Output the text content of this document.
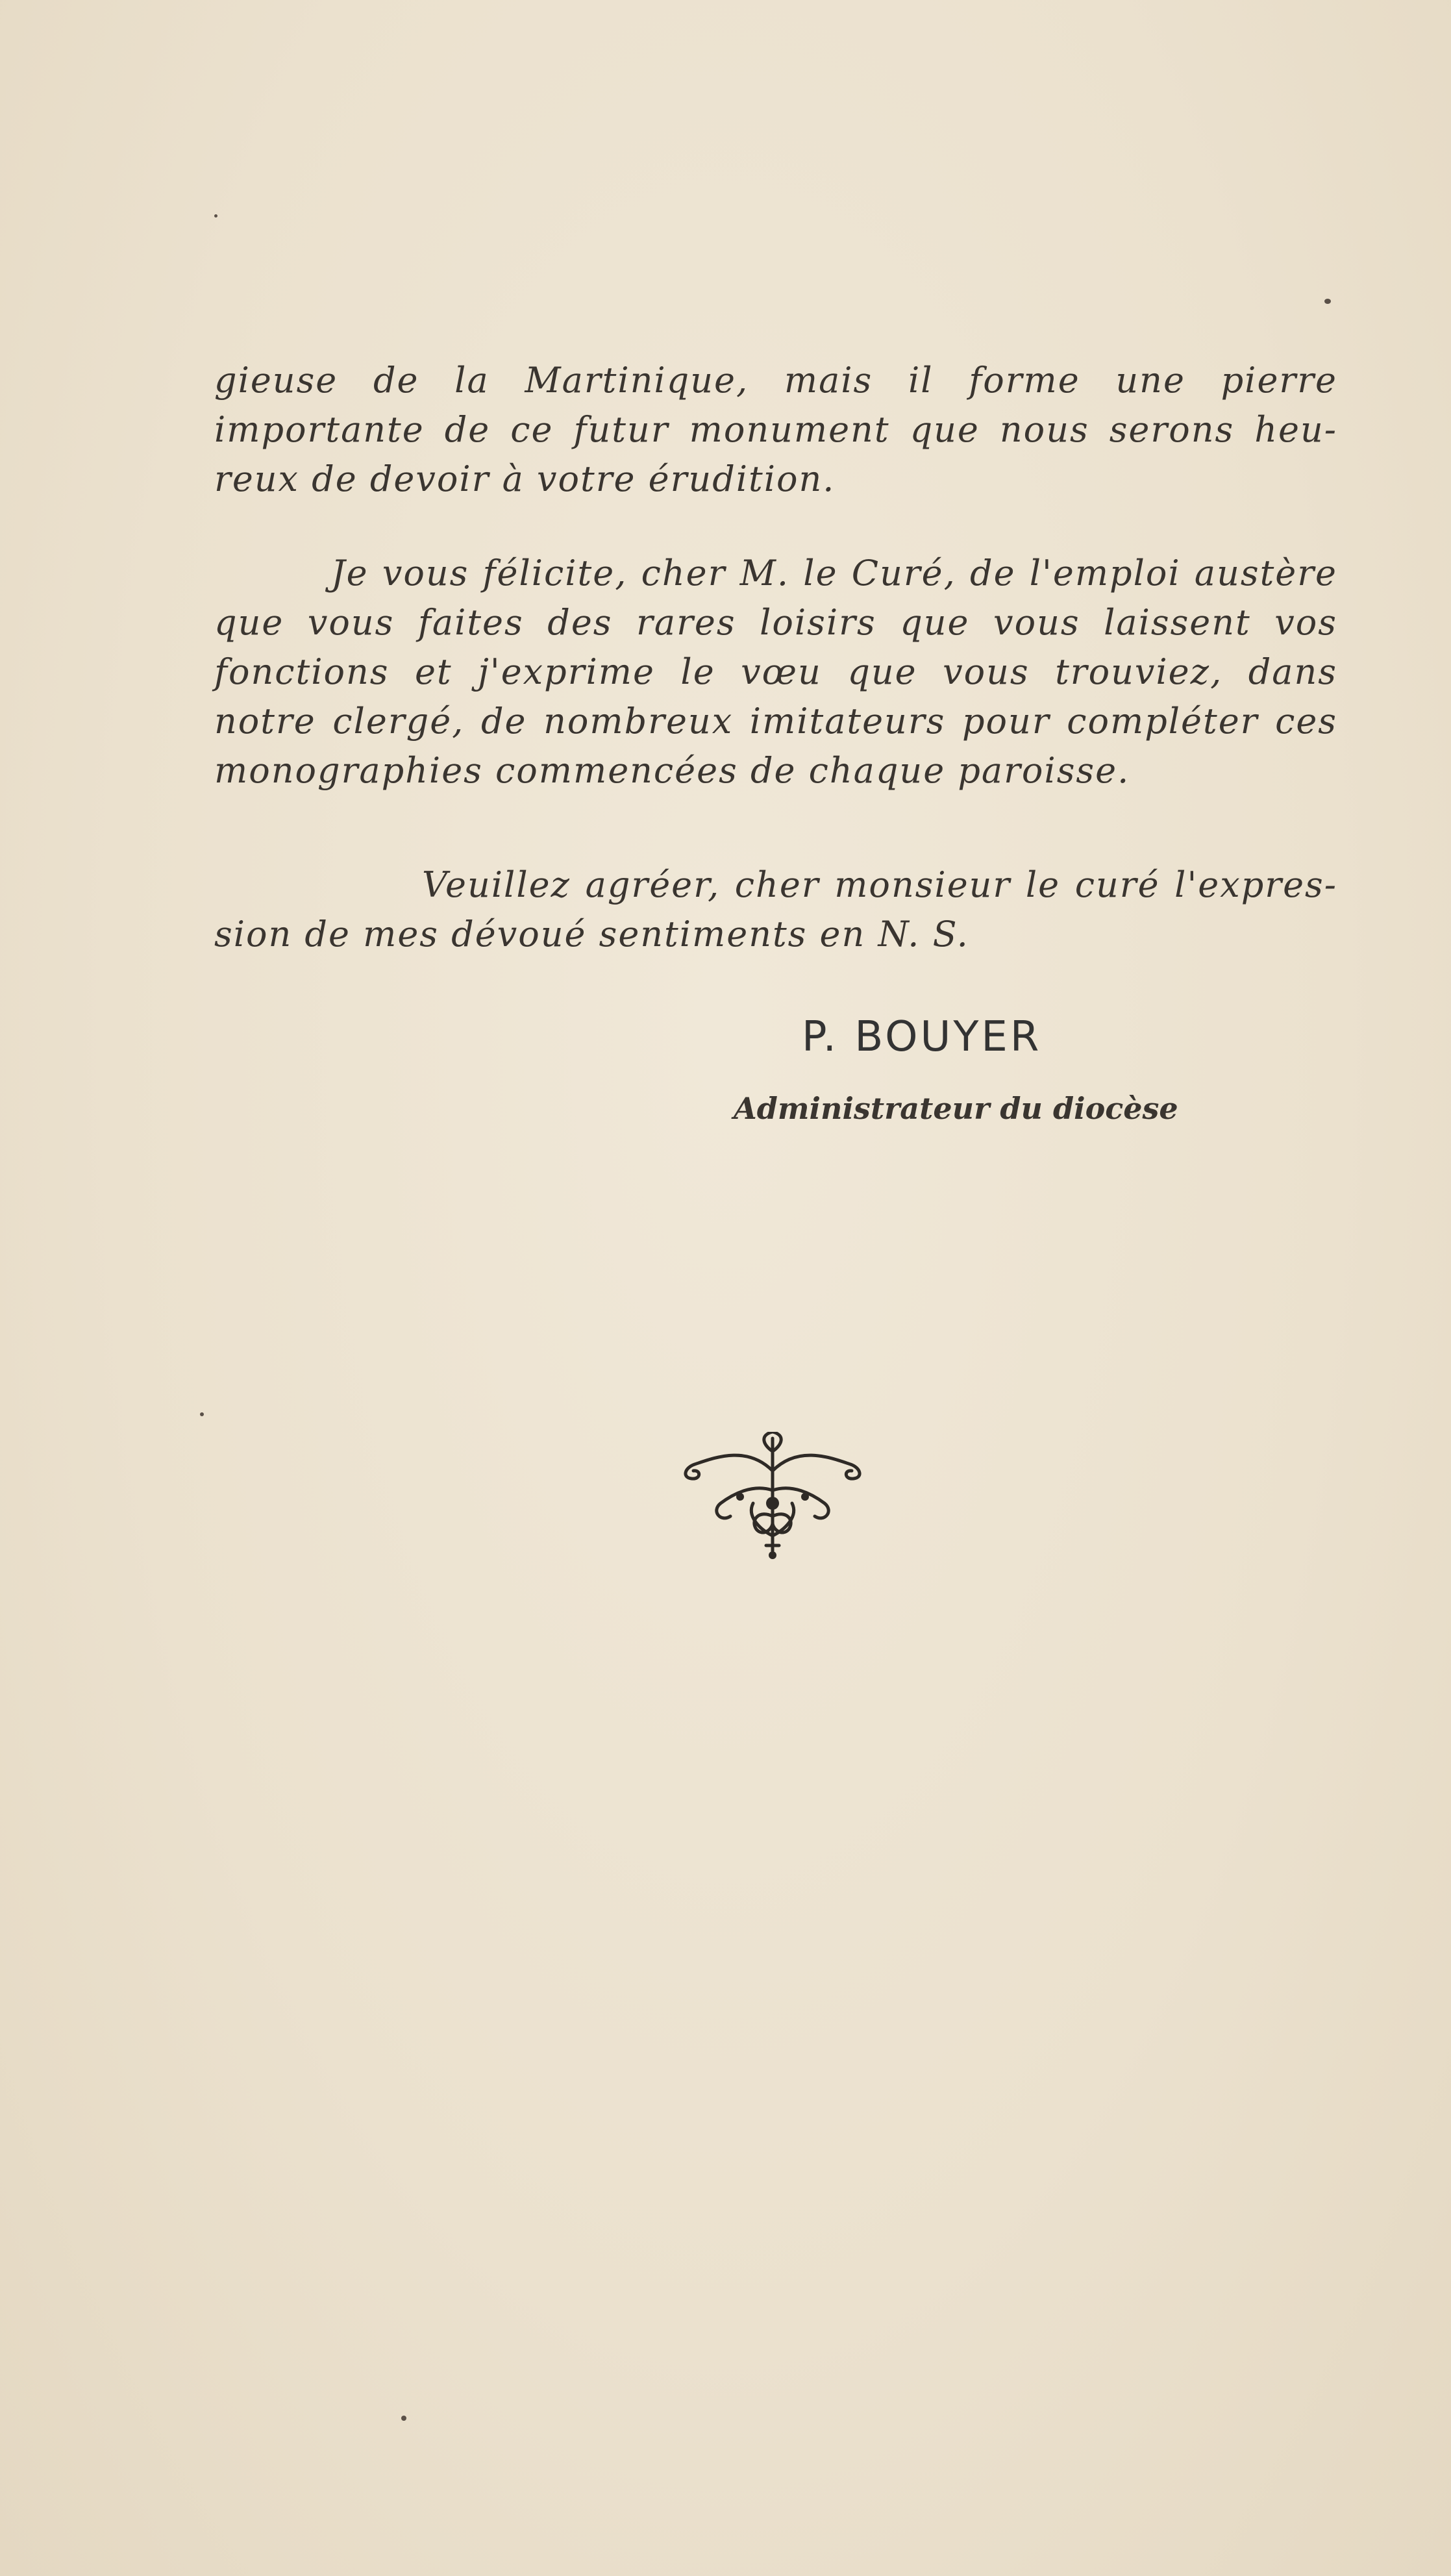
gieuse de la Martinique, mais il forme une pierre
importante de ce futur monument que nous serons heu-
reux de devoir à votre érudition.
Je vous félicite, cher M. le Curé, de l'emploi austère
que vous faites des rares loisirs que vous laissent vos
fonctions et j'exprime le vœu que vous trouviez, dans
notre clergé, de nombreux imitateurs pour compléter ces
monographies commencées de chaque paroisse.
Veuillez agréer, cher monsieur le curé l'expres-
sion de mes dévoué sentiments en N. S.
P. BOUYER
Administrateur du diocèse
